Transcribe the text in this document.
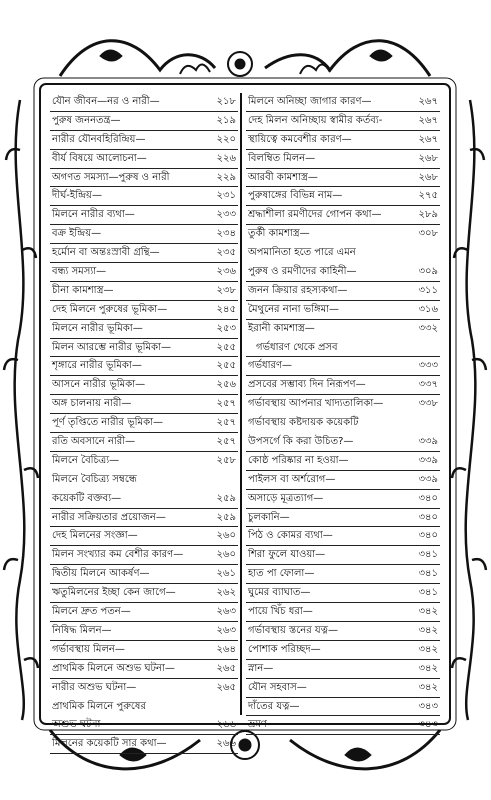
যৌন জীবন—নর ও নারী—	২১৮
পুরুষ জননতন্ত্র—	২১৯
নারীর যৌনবহিরিন্দ্রিয়—	২২০
বীর্য বিষয়ে আলোচনা—	২২৬
অগণত সমস্যা—পুরুষ ও নারী	২২৯
দীর্ঘ-ইন্দ্রিয়—	২৩১
মিলনে নারীর ব্যথা—	২৩৩
বক্র ইন্দ্রিয়—	২৩৪
হর্মোন বা অন্তঃস্রাবী গ্রন্থি—	২৩৫
বন্ধ্য সমস্যা—	২৩৬
চীনা কামশাস্ত্র—	২৩৮
দেহ মিলনে পুরুষের ভূমিকা—	২৪৫
মিলনে নারীর ভূমিকা—	২৫৩
মিলন আরম্ভে নারীর ভূমিকা—	২৫৫
শৃঙ্গারে নারীর ভূমিকা—	২৫৫
আসনে নারীর ভূমিকা—	২৫৬
অঙ্গ চালনায় নারী—	২৫৭
পূর্ণ তৃপ্তিতে নারীর ভূমিকা—	২৫৭
রতি অবসানে নারী—	২৫৭
মিলনে বৈচিত্র্য—	২৫৮
মিলনে বৈচিত্র্য সম্বন্ধে
কয়েকটি বক্তব্য—	২৫৯
নারীর সক্রিয়তার প্রয়োজন—	২৫৯
দেহ মিলনের সংজ্ঞা—	২৬০
মিলন সংখ্যার কম বেশীর কারণ—	২৬০
দ্বিতীয় মিলনে আকর্ষণ—	২৬১
ঋতুমিলনের ইচ্ছা কেন জাগে—	২৬২
মিলনে দ্রুত পতন—	২৬৩
নিষিদ্ধ মিলন—	২৬৩
গর্ভাবস্থায় মিলন—	২৬৪
প্রাথমিক মিলনে অশুভ ঘটনা—	২৬৫
নারীর অশুভ ঘটনা—	২৬৫
প্রাথমিক মিলনে পুরুষের
অশুভ ঘটনা—	২৬৬
মিলনের কয়েকটি সার কথা—	২৬৬
মিলনে অনিচ্ছা জাগার কারণ—	২৬৭
দেহ মিলন অনিচ্ছায় স্বামীর কর্তব্য-	২৬৭
স্থায়িত্বে কমবেশীর কারণ—	২৬৭
বিলম্বিত মিলন—	২৬৮
আরবী কামশাস্ত্র—	২৬৮
পুরুষাঙ্গের বিভিন্ন নাম—	২৭৫
শ্রদ্ধাশীলা রমণীদের গোপন কথা—	২৮৯
তুর্কী কামশাস্ত্র—	৩০৮
অপমানিতা হতে পারে এমন
পুরুষ ও রমণীদের কাহিনী—	৩০৯
জনন ক্রিয়ার রহস্যকথা—	৩১১
মৈথুনের নানা ভঙ্গিমা—	৩১৬
ইরানী কামশাস্ত্র—	৩৩২
গর্ভধারণ থেকে প্রসব
গর্ভধারণ—	৩৩৩
প্রসবের সম্ভাব্য দিন নিরূপণ—	৩৩৭
গর্ভাবস্থায় আপনার খাদ্যতালিকা—	৩৩৮
গর্ভাবস্থায় কষ্টদায়ক কয়েকটি
উপসর্গে কি করা উচিত?—	৩৩৯
কোষ্ঠ পরিষ্কার না হওয়া—	৩৩৯
পাইলস বা অর্শরোগ—	৩৩৯
অসাড়ে মূত্রত্যাগ—	৩৪০
চুলকানি—	৩৪০
পিঠ ও কোমর ব্যথা—	৩৪০
শিরা ফুলে যাওয়া—	৩৪১
হাত পা ফোলা—	৩৪১
ঘুমের ব্যাঘাত—	৩৪১
পায়ে খিঁচ ধরা—	৩৪২
গর্ভাবস্থায় স্তনের যত্ন—	৩৪২
পোশাক পরিচ্ছদ—	৩৪২
স্নান—	৩৪২
যৌন সহবাস—	৩৪২
দাঁতের যত্ন—	৩৪৩
ভ্রমণ—	৩৪৩
